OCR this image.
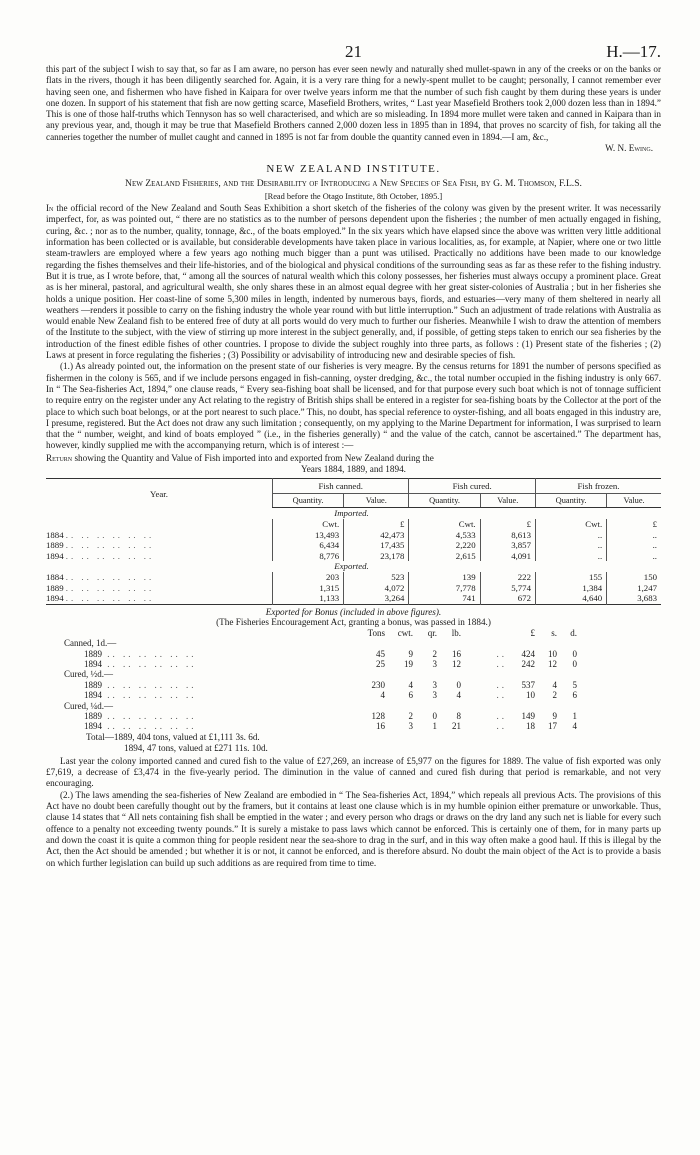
21	H.—17.

this part of the subject I wish to say that, so far as I am aware, no person has ever seen newly and naturally shed mullet-spawn in any of the creeks or on the banks or flats in the rivers, though it has been diligently searched for. Again, it is a very rare thing for a newly-spent mullet to be caught; personally, I cannot remember ever having seen one, and fishermen who have fished in Kaipara for over twelve years inform me that the number of such fish caught by them during these years is under one dozen. In support of his statement that fish are now getting scarce, Masefield Brothers, writes, “ Last year Masefield Brothers took 2,000 dozen less than in 1894.” This is one of those half-truths which Tennyson has so well characterised, and which are so misleading. In 1894 more mullet were taken and canned in Kaipara than in any previous year, and, though it may be true that Masefield Brothers canned 2,000 dozen less in 1895 than in 1894, that proves no scarcity of fish, for taking all the canneries together the number of mullet caught and canned in 1895 is not far from double the quantity canned even in 1894.—I am, &c.,

W. N. Ewing.
NEW ZEALAND INSTITUTE.
New Zealand Fisheries, and the Desirability of Introducing a New Species of Sea Fish, by G. M. Thomson, F.L.S.
[Read before the Otago Institute, 8th October, 1895.]

In the official record of the New Zealand and South Seas Exhibition a short sketch of the fisheries of the colony was given by the present writer. It was necessarily imperfect, for, as was pointed out, “ there are no statistics as to the number of persons dependent upon the fisheries ; the number of men actually engaged in fishing, curing, &c. ; nor as to the number, quality, tonnage, &c., of the boats employed.” In the six years which have elapsed since the above was written very little additional information has been collected or is available, but considerable developments have taken place in various localities, as, for example, at Napier, where one or two little steam-trawlers are employed where a few years ago nothing much bigger than a punt was utilised. Practically no additions have been made to our knowledge regarding the fishes themselves and their life-histories, and of the biological and physical conditions of the surrounding seas as far as these refer to the fishing industry. But it is true, as I wrote before, that, “ among all the sources of natural wealth which this colony possesses, her fisheries must always occupy a prominent place. Great as is her mineral, pastoral, and agricultural wealth, she only shares these in an almost equal degree with her great sister-colonies of Australia ; but in her fisheries she holds a unique position. Her coast-line of some 5,300 miles in length, indented by numerous bays, fiords, and estuaries—very many of them sheltered in nearly all weathers —renders it possible to carry on the fishing industry the whole year round with but little interruption.” Such an adjustment of trade relations with Australia as would enable New Zealand fish to be entered free of duty at all ports would do very much to further our fisheries. Meanwhile I wish to draw the attention of members of the Institute to the subject, with the view of stirring up more interest in the subject generally, and, if possible, of getting steps taken to enrich our sea fisheries by the introduction of the finest edible fishes of other countries. I propose to divide the subject roughly into three parts, as follows : (1) Present state of the fisheries ; (2) Laws at present in force regulating the fisheries ; (3) Possibility or advisability of introducing new and desirable species of fish.

(1.) As already pointed out, the information on the present state of our fisheries is very meagre. By the census returns for 1891 the number of persons specified as fishermen in the colony is 565, and if we include persons engaged in fish-canning, oyster dredging, &c., the total number occupied in the fishing industry is only 667. In “ The Sea-fisheries Act, 1894,” one clause reads, “ Every sea-fishing boat shall be licensed, and for that purpose every such boat which is not of tonnage sufficient to require entry on the register under any Act relating to the registry of British ships shall be entered in a register for sea-fishing boats by the Collector at the port of the place to which such boat belongs, or at the port nearest to such place.” This, no doubt, has special reference to oyster-fishing, and all boats engaged in this industry are, I presume, registered. But the Act does not draw any such limitation ; consequently, on my applying to the Marine Department for information, I was surprised to learn that the “ number, weight, and kind of boats employed ” (i.e., in the fisheries generally) “ and the value of the catch, cannot be ascertained.” The department has, however, kindly supplied me with the accompanying return, which is of interest :—

Return showing the Quantity and Value of Fish imported into and exported from New Zealand during the
Years 1884, 1889, and 1894.
Year.	Fish canned.		Fish cured.		Fish frozen.	
	Quantity.	Value.	Quantity.	Value.	Quantity.	Value.
Imported.						
	Cwt.	£	Cwt.	£	Cwt.	£
1884 .. .. .. .. .. ..	13,493	42,473	4,533	8,613	..	..
1889 .. .. .. .. .. ..	6,434	17,435	2,220	3,857	..	..
1894 .. .. .. .. .. ..	8,776	23,178	2,615	4,091	..	..
Exported.						
1884 .. .. .. .. .. ..	203	523	139	222	155	150
1889 .. .. .. .. .. ..	1,315	4,072	7,778	5,774	1,384	1,247
1894 .. .. .. .. .. ..	1,133	3,264	741	672	4,640	3,683
Exported for Bonus (included in above figures).
(The Fisheries Encouragement Act, granting a bonus, was passed in 1884.)
	Tons	cwt.	qr.	lb.		£	s.	d.
Canned, 1d.—								
1889 .. .. .. .. .. ..	45	9	2	16	..	424	10	0
1894 .. .. .. .. .. ..	25	19	3	12	..	242	12	0
Cured, ½d.—								
1889 .. .. .. .. .. ..	230	4	3	0	..	537	4	5
1894 .. .. .. .. .. ..	4	6	3	4	..	10	2	6
Cured, ¼d.—								
1889 .. .. .. .. .. ..	128	2	0	8	..	149	9	1
1894 .. .. .. .. .. ..	16	3	1	21	..	18	17	4
Total—1889, 404 tons, valued at £1,111 3s. 6d.
1894, 47 tons, valued at £271 11s. 10d.

Last year the colony imported canned and cured fish to the value of £27,269, an increase of £5,977 on the figures for 1889. The value of fish exported was only £7,619, a decrease of £3,474 in the five-yearly period. The diminution in the value of canned and cured fish during that period is remarkable, and not very encouraging.

(2.) The laws amending the sea-fisheries of New Zealand are embodied in “ The Sea-fisheries Act, 1894,” which repeals all previous Acts. The provisions of this Act have no doubt been carefully thought out by the framers, but it contains at least one clause which is in my humble opinion either premature or unworkable. Thus, clause 14 states that “ All nets containing fish shall be emptied in the water ; and every person who drags or draws on the dry land any such net is liable for every such offence to a penalty not exceeding twenty pounds.” It is surely a mistake to pass laws which cannot be enforced. This is certainly one of them, for in many parts up and down the coast it is quite a common thing for people resident near the sea-shore to drag in the surf, and in this way often make a good haul. If this is illegal by the Act, then the Act should be amended ; but whether it is or not, it cannot be enforced, and is therefore absurd. No doubt the main object of the Act is to provide a basis on which further legislation can build up such additions as are required from time to time.
